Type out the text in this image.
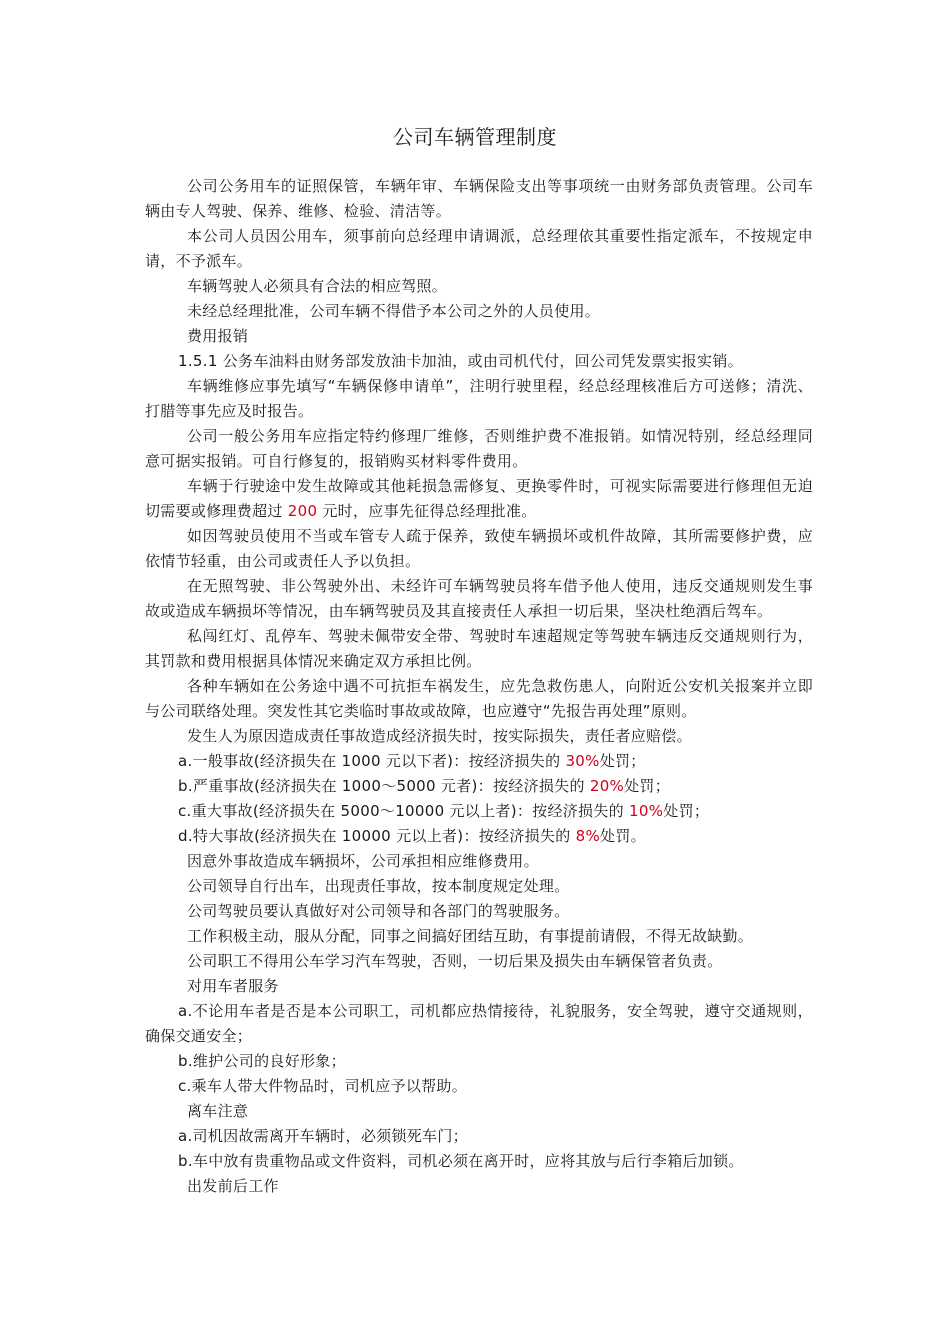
公司车辆管理制度

公司公务用车的证照保管，车辆年审、车辆保险支出等事项统一由财务部负责管理。公司车辆由专人驾驶、保养、维修、检验、清洁等。

本公司人员因公用车，须事前向总经理申请调派，总经理依其重要性指定派车，不按规定申请，不予派车。

车辆驾驶人必须具有合法的相应驾照。

未经总经理批准，公司车辆不得借予本公司之外的人员使用。

费用报销

1.5.1 公务车油料由财务部发放油卡加油，或由司机代付，回公司凭发票实报实销。

车辆维修应事先填写“车辆保修申请单”，注明行驶里程，经总经理核准后方可送修；清洗、打腊等事先应及时报告。

公司一般公务用车应指定特约修理厂维修，否则维护费不准报销。如情况特别，经总经理同意可据实报销。可自行修复的，报销购买材料零件费用。

车辆于行驶途中发生故障或其他耗损急需修复、更换零件时，可视实际需要进行修理但无迫切需要或修理费超过 200 元时，应事先征得总经理批准。

如因驾驶员使用不当或车管专人疏于保养，致使车辆损坏或机件故障，其所需要修护费，应依情节轻重，由公司或责任人予以负担。

在无照驾驶、非公驾驶外出、未经许可车辆驾驶员将车借予他人使用，违反交通规则发生事故或造成车辆损坏等情况，由车辆驾驶员及其直接责任人承担一切后果，坚决杜绝酒后驾车。

私闯红灯、乱停车、驾驶未佩带安全带、驾驶时车速超规定等驾驶车辆违反交通规则行为，其罚款和费用根据具体情况来确定双方承担比例。

各种车辆如在公务途中遇不可抗拒车祸发生，应先急救伤患人，向附近公安机关报案并立即与公司联络处理。突发性其它类临时事故或故障，也应遵守“先报告再处理”原则。

发生人为原因造成责任事故造成经济损失时，按实际损失，责任者应赔偿。

a.一般事故(经济损失在 1000 元以下者)：按经济损失的 30%处罚；

b.严重事故(经济损失在 1000～5000 元者)：按经济损失的 20%处罚；

c.重大事故(经济损失在 5000～10000 元以上者)：按经济损失的 10%处罚；

d.特大事故(经济损失在 10000 元以上者)：按经济损失的 8%处罚。

因意外事故造成车辆损坏，公司承担相应维修费用。

公司领导自行出车，出现责任事故，按本制度规定处理。

公司驾驶员要认真做好对公司领导和各部门的驾驶服务。

工作积极主动，服从分配，同事之间搞好团结互助，有事提前请假，不得无故缺勤。

公司职工不得用公车学习汽车驾驶，否则，一切后果及损失由车辆保管者负责。

对用车者服务

a.不论用车者是否是本公司职工，司机都应热情接待，礼貌服务，安全驾驶，遵守交通规则，确保交通安全；

b.维护公司的良好形象；

c.乘车人带大件物品时，司机应予以帮助。

离车注意

a.司机因故需离开车辆时，必须锁死车门；

b.车中放有贵重物品或文件资料，司机必须在离开时，应将其放与后行李箱后加锁。

出发前后工作
